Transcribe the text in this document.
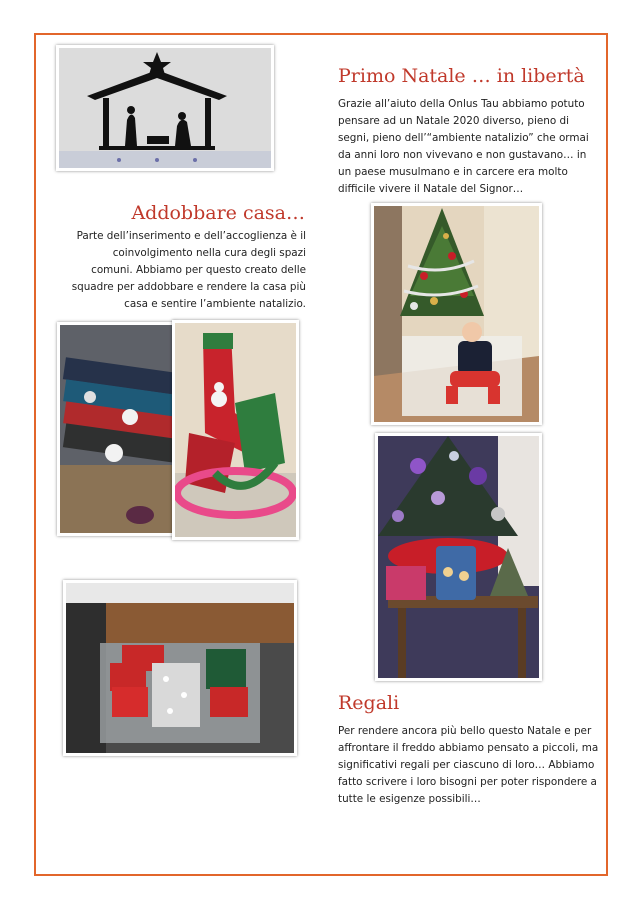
Primo Natale … in libertà

Grazie all’aiuto della Onlus Tau abbiamo potuto pensare ad un Natale 2020 diverso, pieno di segni, pieno dell’“ambiente natalizio” che ormai da anni loro non vivevano e non gustavano… in un paese musulmano e in carcere era molto difficile vivere il Natale del Signor…

Addobbare casa…

Parte dell’inserimento e dell’accoglienza è il coinvolgimento nella cura degli spazi comuni. Abbiamo per questo creato delle squadre per addobbare e rendere la casa più casa e sentire l’ambiente natalizio.

Regali

Per rendere ancora più bello questo Natale e per affrontare il freddo abbiamo pensato a piccoli, ma significativi regali per ciascuno di loro… Abbiamo fatto scrivere i loro bisogni per poter rispondere a tutte le esigenze possibili…
